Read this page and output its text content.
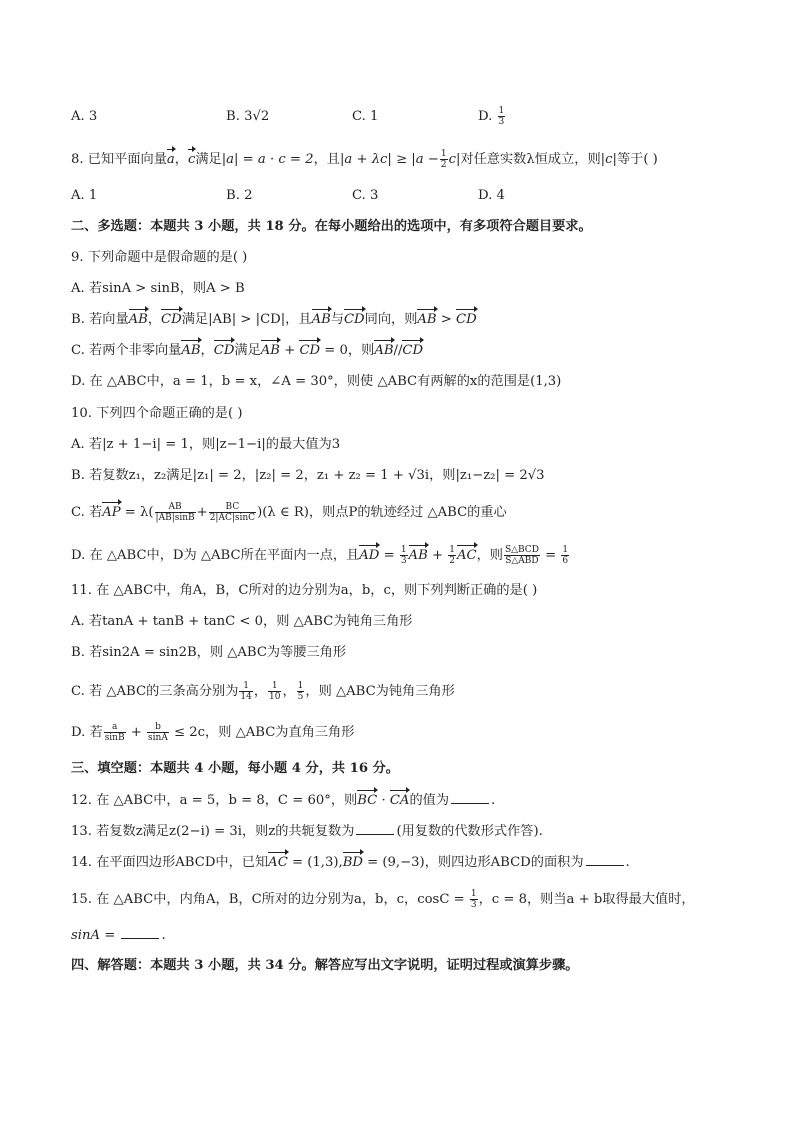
A. 3	B. 3√2	C. 1	D. $\frac{1}{3}$
8. 已知平面向量a，c满足|a| = a · c = 2，且$|a + \lambda c| \ge |a - \frac{1}{2} c|$对任意实数λ恒成立，则|c|等于( )
A. 1	B. 2	C. 3	D. 4
二、多选题：本题共 3 小题，共 18 分。在每小题给出的选项中，有多项符合题目要求。
9. 下列命题中是假命题的是( )
A. 若sinA > sinB，则A > B
B. 若向量AB，CD满足|AB| > |CD|，且AB与CD同向，则AB > CD
C. 若两个非零向量AB，CD满足AB + CD = 0，则AB//CD
D. 在 △ABC中，a = 1，b = x，∠A = 30°，则使 △ABC有两解的x的范围是(1,3)
10. 下列四个命题正确的是( )
A. 若|z + 1−i| = 1，则|z−1−i|的最大值为3
B. 若复数z₁，z₂满足|z₁| = 2，|z₂| = 2，z₁ + z₂ = 1 + √3i，则|z₁−z₂| = 2√3
C. 若AP = $\lambda( \frac{AB}{|AB|\sin B} + \frac{BC}{2|AC|\sin C} )(\lambda$ ∈ R)，则点P的轨迹经过 △ABC的重心
D. 在 △ABC中，D为 △ABC所在平面内一点，且AD = $\frac{1}{3}$ AB + $\frac{1}{2}$ AC，则 $\frac{\text{S△BCD}}{\text{S△ABD}} = \frac{1}{6}$
11. 在 △ABC中，角A，B，C所对的边分别为a，b，c，则下列判断正确的是( )
A. 若tanA + tanB + tanC < 0，则 △ABC为钝角三角形
B. 若sin2A = sin2B，则 △ABC为等腰三角形
C. 若 △ABC的三条高分别为 $\frac{1}{14}$ ， $\frac{1}{10}$ ， $\frac{1}{5}$ ，则 △ABC为钝角三角形
D. 若 $\frac{a}{\sin B} + \frac{b}{\sin A} \le 2c$，则 △ABC为直角三角形
三、填空题：本题共 4 小题，每小题 4 分，共 16 分。
12. 在 △ABC中，a = 5，b = 8，C = 60°，则BC · CA的值为	.
13. 若复数z满足z(2−i) = 3i，则z的共轭复数为	(用复数的代数形式作答).
14. 在平面四边形ABCD中，已知AC = (1,3),BD = (9,−3)，则四边形ABCD的面积为	.
15. 在 △ABC中，内角A，B，C所对的边分别为a，b，c，$\cos C = \frac{1}{3}$ ，c = 8，则当a + b取得最大值时，
sinA =	.
四、解答题：本题共 3 小题，共 34 分。解答应写出文字说明，证明过程或演算步骤。
